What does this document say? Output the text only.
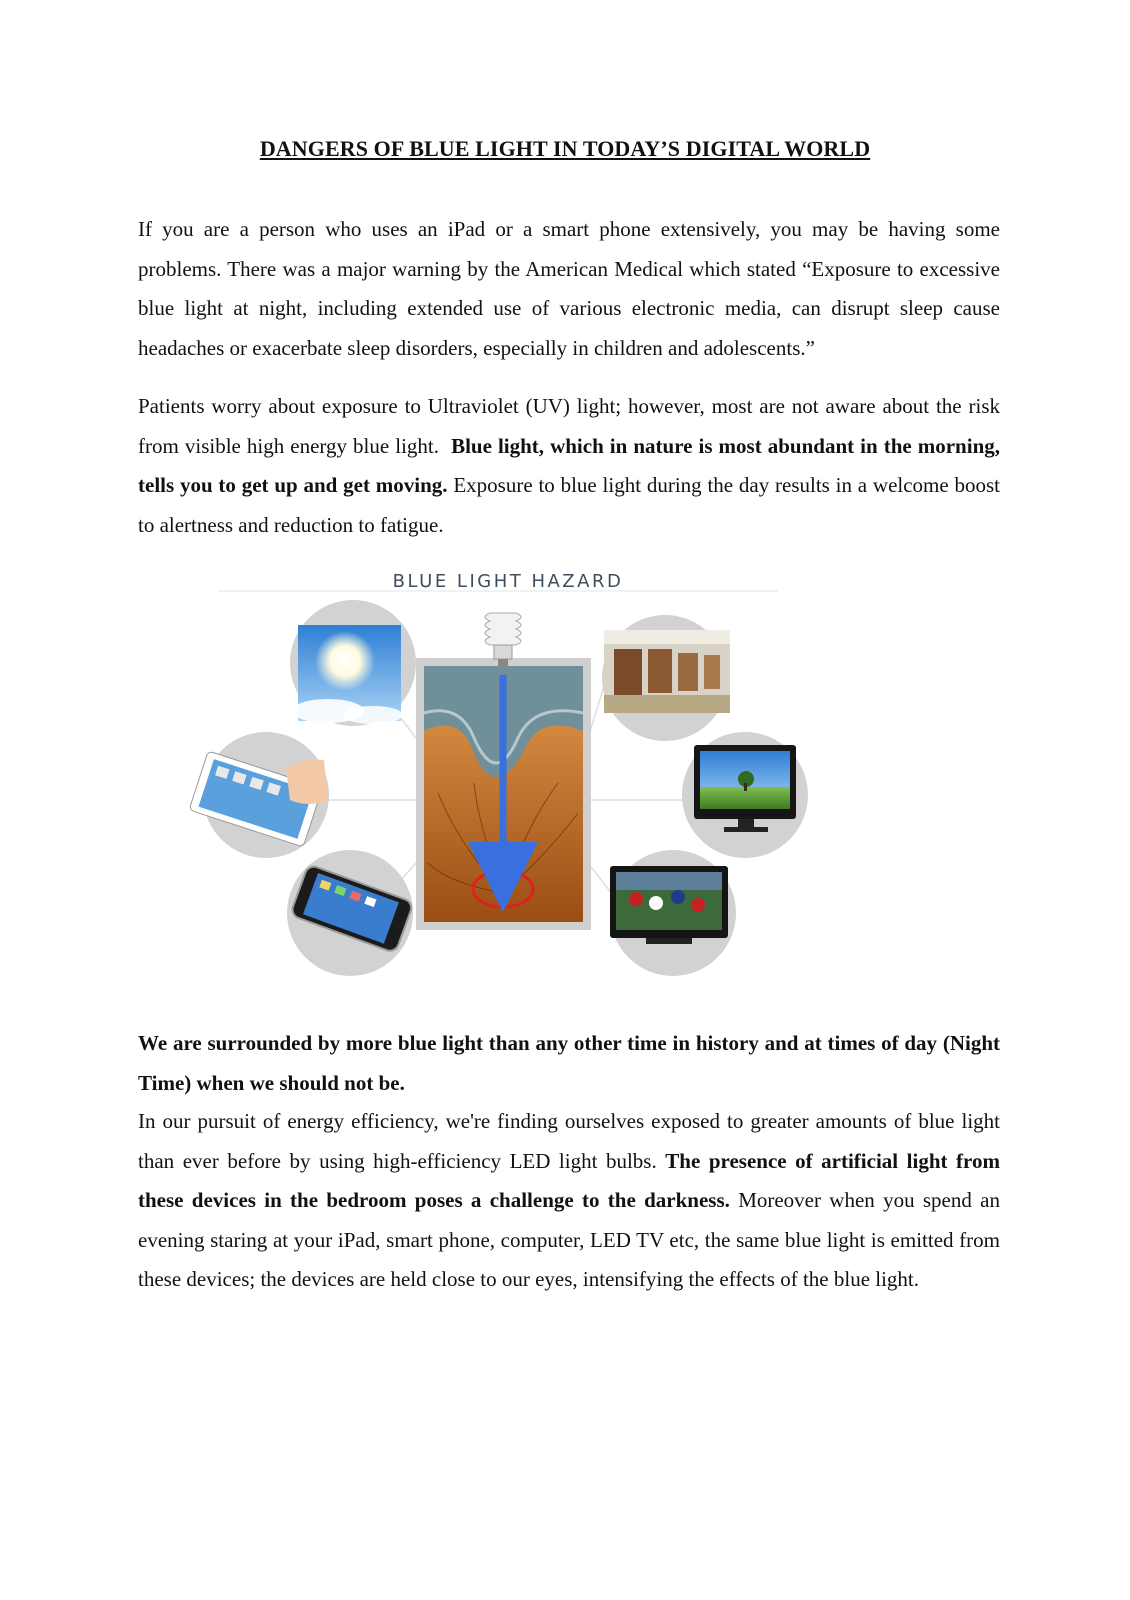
DANGERS OF BLUE LIGHT IN TODAY’S DIGITAL WORLD

If you are a person who uses an iPad or a smart phone extensively, you may be having some problems. There was a major warning by the American Medical which stated “Exposure to excessive blue light at night, including extended use of various electronic media, can disrupt sleep cause headaches or exacerbate sleep disorders, especially in children and adolescents.”

Patients worry about exposure to Ultraviolet (UV) light; however, most are not aware about the risk from visible high energy blue light. Blue light, which in nature is most abundant in the morning, tells you to get up and get moving. Exposure to blue light during the day results in a welcome boost to alertness and reduction to fatigue.

BLUE LIGHT HAZARD

We are surrounded by more blue light than any other time in history and at times of day (Night Time) when we should not be.

In our pursuit of energy efficiency, we're finding ourselves exposed to greater amounts of blue light than ever before by using high-efficiency LED light bulbs. The presence of artificial light from these devices in the bedroom poses a challenge to the darkness. Moreover when you spend an evening staring at your iPad, smart phone, computer, LED TV etc, the same blue light is emitted from these devices; the devices are held close to our eyes, intensifying the effects of the blue light.
